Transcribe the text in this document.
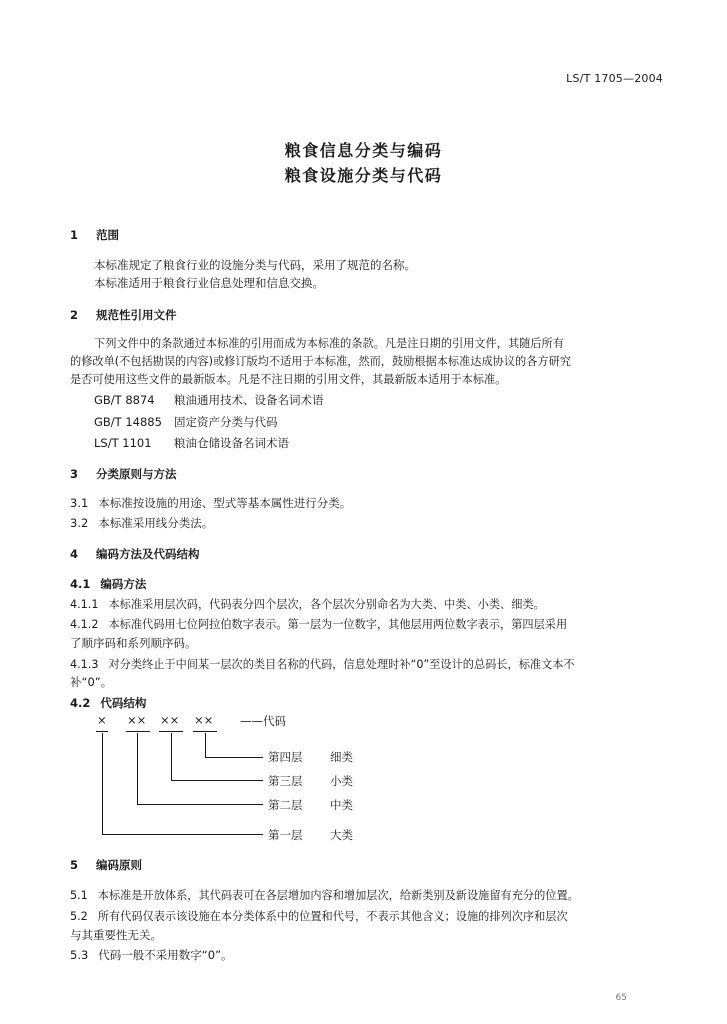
LS/T 1705—2004
粮食信息分类与编码
粮食设施分类与代码
1 范围
本标准规定了粮食行业的设施分类与代码，采用了规范的名称。
本标准适用于粮食行业信息处理和信息交换。
2 规范性引用文件
下列文件中的条款通过本标准的引用而成为本标准的条款。凡是注日期的引用文件，其随后所有
的修改单(不包括勘误的内容)或修订版均不适用于本标准，然而，鼓励根据本标准达成协议的各方研究
是否可使用这些文件的最新版本。凡是不注日期的引用文件，其最新版本适用于本标准。
GB/T 8874 粮油通用技术、设备名词术语
GB/T 14885 固定资产分类与代码
LS/T 1101 粮油仓储设备名词术语
3 分类原则与方法
3.1 本标准按设施的用途、型式等基本属性进行分类。
3.2 本标准采用线分类法。
4 编码方法及代码结构
4.1 编码方法
4.1.1 本标准采用层次码，代码表分四个层次，各个层次分别命名为大类、中类、小类、细类。
4.1.2 本标准代码用七位阿拉伯数字表示。第一层为一位数字，其他层用两位数字表示，第四层采用
了顺序码和系列顺序码。
4.1.3 对分类终止于中间某一层次的类目名称的代码，信息处理时补“0”至设计的总码长，标准文本不
补“0”。
4.2 代码结构
× ×× ×× ×× ——代码
第四层 细类
第三层 小类
第二层 中类
第一层 大类
5 编码原则
5.1 本标准是开放体系，其代码表可在各层增加内容和增加层次，给新类别及新设施留有充分的位置。
5.2 所有代码仅表示该设施在本分类体系中的位置和代号，不表示其他含义；设施的排列次序和层次
与其重要性无关。
5.3 代码一般不采用数字“0”。
65
